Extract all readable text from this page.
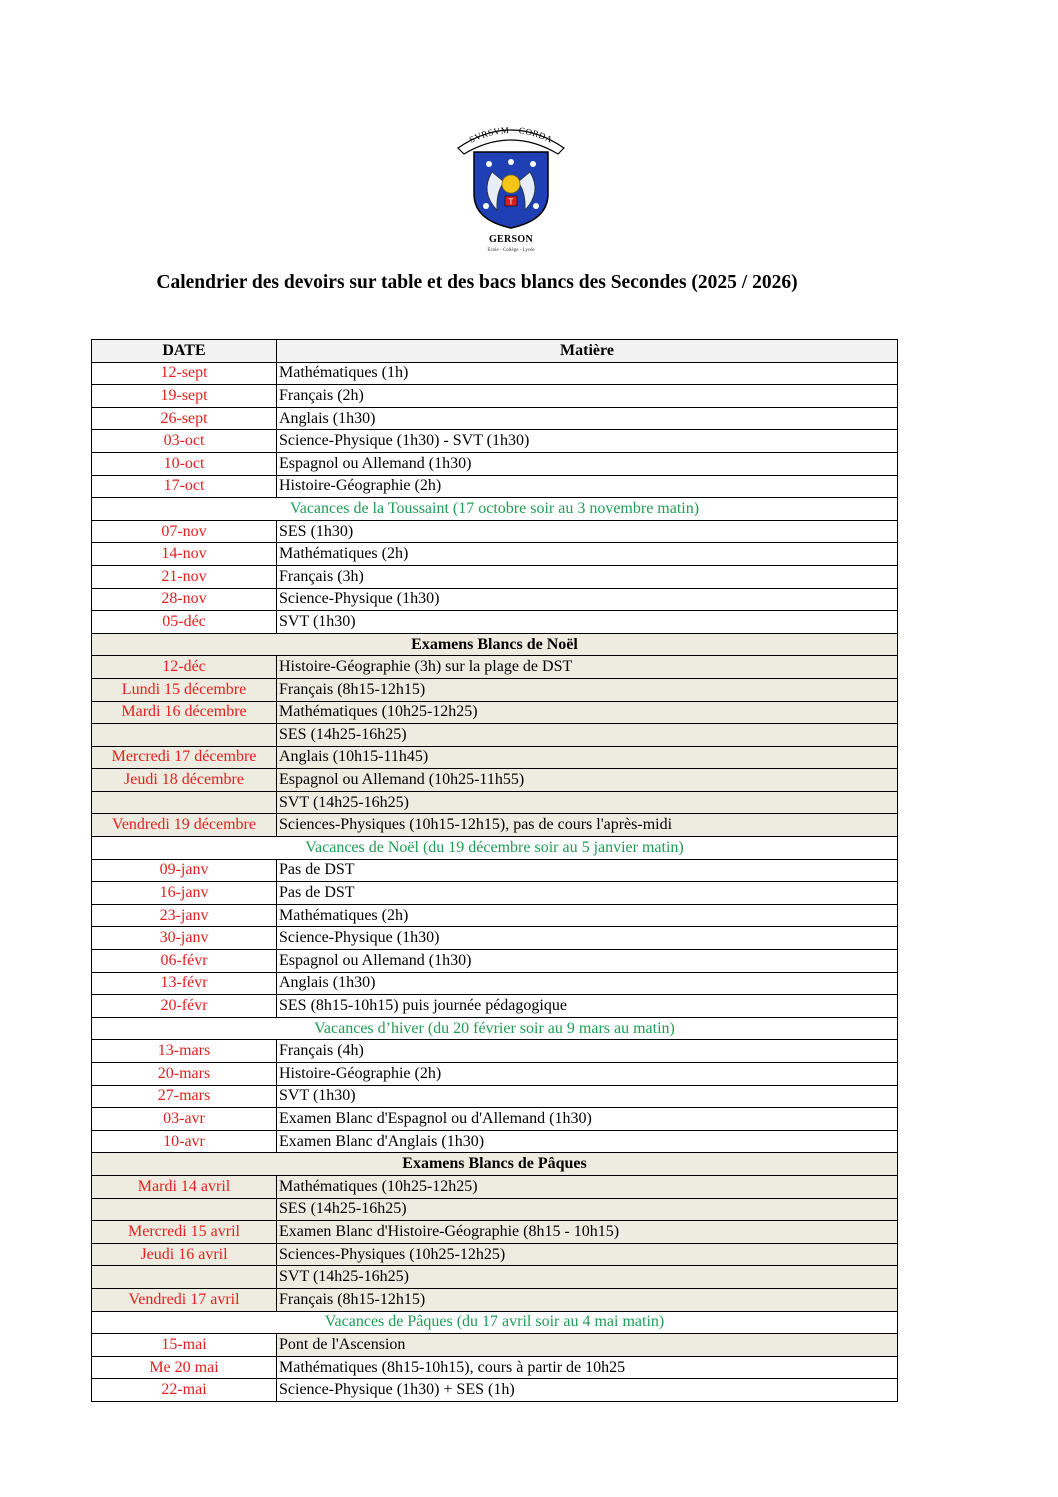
SVRSVM · CORDA
T
GERSON
Ecole - Collège - Lycée
Calendrier des devoirs sur table et des bacs blancs des Secondes (2025 / 2026)
DATE	Matière
12-sept	Mathématiques (1h)
19-sept	Français (2h)
26-sept	Anglais (1h30)
03-oct	Science-Physique (1h30) - SVT (1h30)
10-oct	Espagnol ou Allemand (1h30)
17-oct	Histoire-Géographie (2h)
Vacances de la Toussaint (17 octobre soir au 3 novembre matin)	
07-nov	SES (1h30)
14-nov	Mathématiques (2h)
21-nov	Français (3h)
28-nov	Science-Physique (1h30)
05-déc	SVT (1h30)
Examens Blancs de Noël	
12-déc	Histoire-Géographie (3h) sur la plage de DST
Lundi 15 décembre	Français (8h15-12h15)
Mardi 16 décembre	Mathématiques (10h25-12h25)
	SES (14h25-16h25)
Mercredi 17 décembre	Anglais (10h15-11h45)
Jeudi 18 décembre	Espagnol ou Allemand (10h25-11h55)
	SVT (14h25-16h25)
Vendredi 19 décembre	Sciences-Physiques (10h15-12h15), pas de cours l'après-midi
Vacances de Noël (du 19 décembre soir au 5 janvier matin)	
09-janv	Pas de DST
16-janv	Pas de DST
23-janv	Mathématiques (2h)
30-janv	Science-Physique (1h30)
06-févr	Espagnol ou Allemand (1h30)
13-févr	Anglais (1h30)
20-févr	SES (8h15-10h15) puis journée pédagogique
Vacances d’hiver (du 20 février soir au 9 mars au matin)	
13-mars	Français (4h)
20-mars	Histoire-Géographie (2h)
27-mars	SVT (1h30)
03-avr	Examen Blanc d'Espagnol ou d'Allemand (1h30)
10-avr	Examen Blanc d'Anglais (1h30)
Examens Blancs de Pâques	
Mardi 14 avril	Mathématiques (10h25-12h25)
	SES (14h25-16h25)
Mercredi 15 avril	Examen Blanc d'Histoire-Géographie (8h15 - 10h15)
Jeudi 16 avril	Sciences-Physiques (10h25-12h25)
	SVT (14h25-16h25)
Vendredi 17 avril	Français (8h15-12h15)
Vacances de Pâques (du 17 avril soir au 4 mai matin)	
15-mai	Pont de l'Ascension
Me 20 mai	Mathématiques (8h15-10h15), cours à partir de 10h25
22-mai	Science-Physique (1h30) + SES (1h)
